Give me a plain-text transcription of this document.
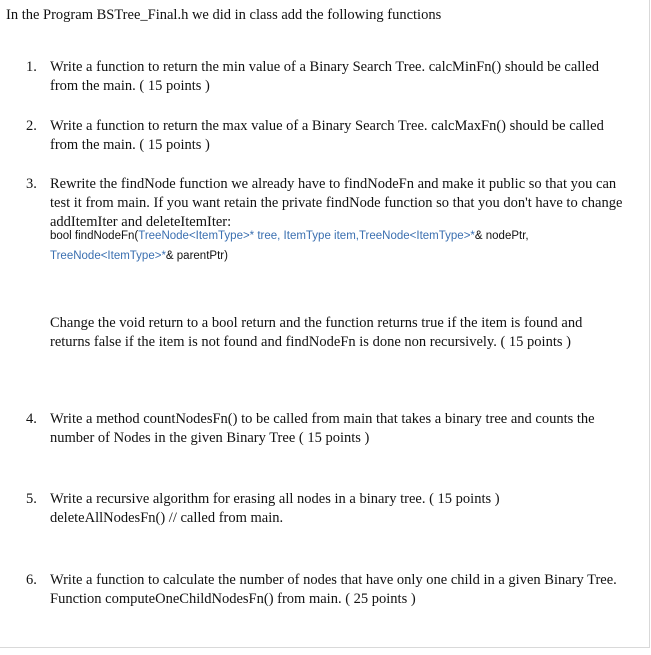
In the Program BSTree_Final.h we did in class add the following functions
1. Write a function to return the min value of a Binary Search Tree. calcMinFn() should be called from the main. ( 15 points )
2. Write a function to return the max value of a Binary Search Tree. calcMaxFn() should be called from the main. ( 15 points )
3. Rewrite the findNode function we already have to findNodeFn and make it public so that you can test it from main. If you want retain the private findNode function so that you don't have to change addItemIter and deleteItemIter:
bool findNodeFn(TreeNode<ItemType>* tree, ItemType item,TreeNode<ItemType>*& nodePtr,
TreeNode<ItemType>*& parentPtr)
Change the void return to a bool return and the function returns true if the item is found and returns false if the item is not found and findNodeFn is done non recursively. ( 15 points )
4. Write a method countNodesFn() to be called from main that takes a binary tree and counts the number of Nodes in the given Binary Tree ( 15 points )
5. Write a recursive algorithm for erasing all nodes in a binary tree. ( 15 points ) deleteAllNodesFn() // called from main.
6. Write a function to calculate the number of nodes that have only one child in a given Binary Tree. Function computeOneChildNodesFn() from main. ( 25 points )
